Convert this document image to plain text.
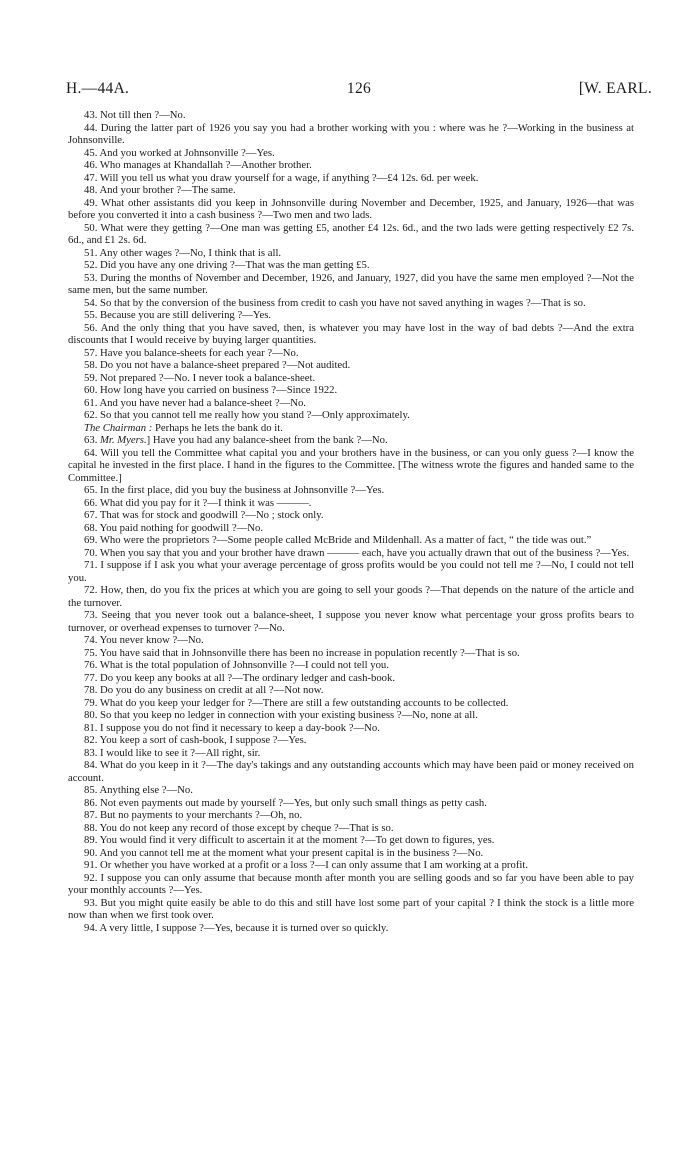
H.—44A.	126	[W. EARL.

43. Not till then ?—No.

44. During the latter part of 1926 you say you had a brother working with you : where was he ?—Working in the business at Johnsonville.

45. And you worked at Johnsonville ?—Yes.

46. Who manages at Khandallah ?—Another brother.

47. Will you tell us what you draw yourself for a wage, if anything ?—£4 12s. 6d. per week.

48. And your brother ?—The same.

49. What other assistants did you keep in Johnsonville during November and December, 1925, and January, 1926—that was before you converted it into a cash business ?—Two men and two lads.

50. What were they getting ?—One man was getting £5, another £4 12s. 6d., and the two lads were getting respectively £2 7s. 6d., and £1 2s. 6d.

51. Any other wages ?—No, I think that is all.

52. Did you have any one driving ?—That was the man getting £5.

53. During the months of November and December, 1926, and January, 1927, did you have the same men employed ?—Not the same men, but the same number.

54. So that by the conversion of the business from credit to cash you have not saved anything in wages ?—That is so.

55. Because you are still delivering ?—Yes.

56. And the only thing that you have saved, then, is whatever you may have lost in the way of bad debts ?—And the extra discounts that I would receive by buying larger quantities.

57. Have you balance-sheets for each year ?—No.

58. Do you not have a balance-sheet prepared ?—Not audited.

59. Not prepared ?—No. I never took a balance-sheet.

60. How long have you carried on business ?—Since 1922.

61. And you have never had a balance-sheet ?—No.

62. So that you cannot tell me really how you stand ?—Only approximately.

The Chairman : Perhaps he lets the bank do it.

63. Mr. Myers.] Have you had any balance-sheet from the bank ?—No.

64. Will you tell the Committee what capital you and your brothers have in the business, or can you only guess ?—I know the capital he invested in the first place. I hand in the figures to the Committee. [The witness wrote the figures and handed same to the Committee.]

65. In the first place, did you buy the business at Johnsonville ?—Yes.

66. What did you pay for it ?—I think it was ———.

67. That was for stock and goodwill ?—No ; stock only.

68. You paid nothing for goodwill ?—No.

69. Who were the proprietors ?—Some people called McBride and Mildenhall. As a matter of fact, “ the tide was out.”

70. When you say that you and your brother have drawn ——— each, have you actually drawn that out of the business ?—Yes.

71. I suppose if I ask you what your average percentage of gross profits would be you could not tell me ?—No, I could not tell you.

72. How, then, do you fix the prices at which you are going to sell your goods ?—That depends on the nature of the article and the turnover.

73. Seeing that you never took out a balance-sheet, I suppose you never know what percentage your gross profits bears to turnover, or overhead expenses to turnover ?—No.

74. You never know ?—No.

75. You have said that in Johnsonville there has been no increase in population recently ?—That is so.

76. What is the total population of Johnsonville ?—I could not tell you.

77. Do you keep any books at all ?—The ordinary ledger and cash-book.

78. Do you do any business on credit at all ?—Not now.

79. What do you keep your ledger for ?—There are still a few outstanding accounts to be collected.

80. So that you keep no ledger in connection with your existing business ?—No, none at all.

81. I suppose you do not find it necessary to keep a day-book ?—No.

82. You keep a sort of cash-book, I suppose ?—Yes.

83. I would like to see it ?—All right, sir.

84. What do you keep in it ?—The day's takings and any outstanding accounts which may have been paid or money received on account.

85. Anything else ?—No.

86. Not even payments out made by yourself ?—Yes, but only such small things as petty cash.

87. But no payments to your merchants ?—Oh, no.

88. You do not keep any record of those except by cheque ?—That is so.

89. You would find it very difficult to ascertain it at the moment ?—To get down to figures, yes.

90. And you cannot tell me at the moment what your present capital is in the business ?—No.

91. Or whether you have worked at a profit or a loss ?—I can only assume that I am working at a profit.

92. I suppose you can only assume that because month after month you are selling goods and so far you have been able to pay your monthly accounts ?—Yes.

93. But you might quite easily be able to do this and still have lost some part of your capital ? I think the stock is a little more now than when we first took over.

94. A very little, I suppose ?—Yes, because it is turned over so quickly.
